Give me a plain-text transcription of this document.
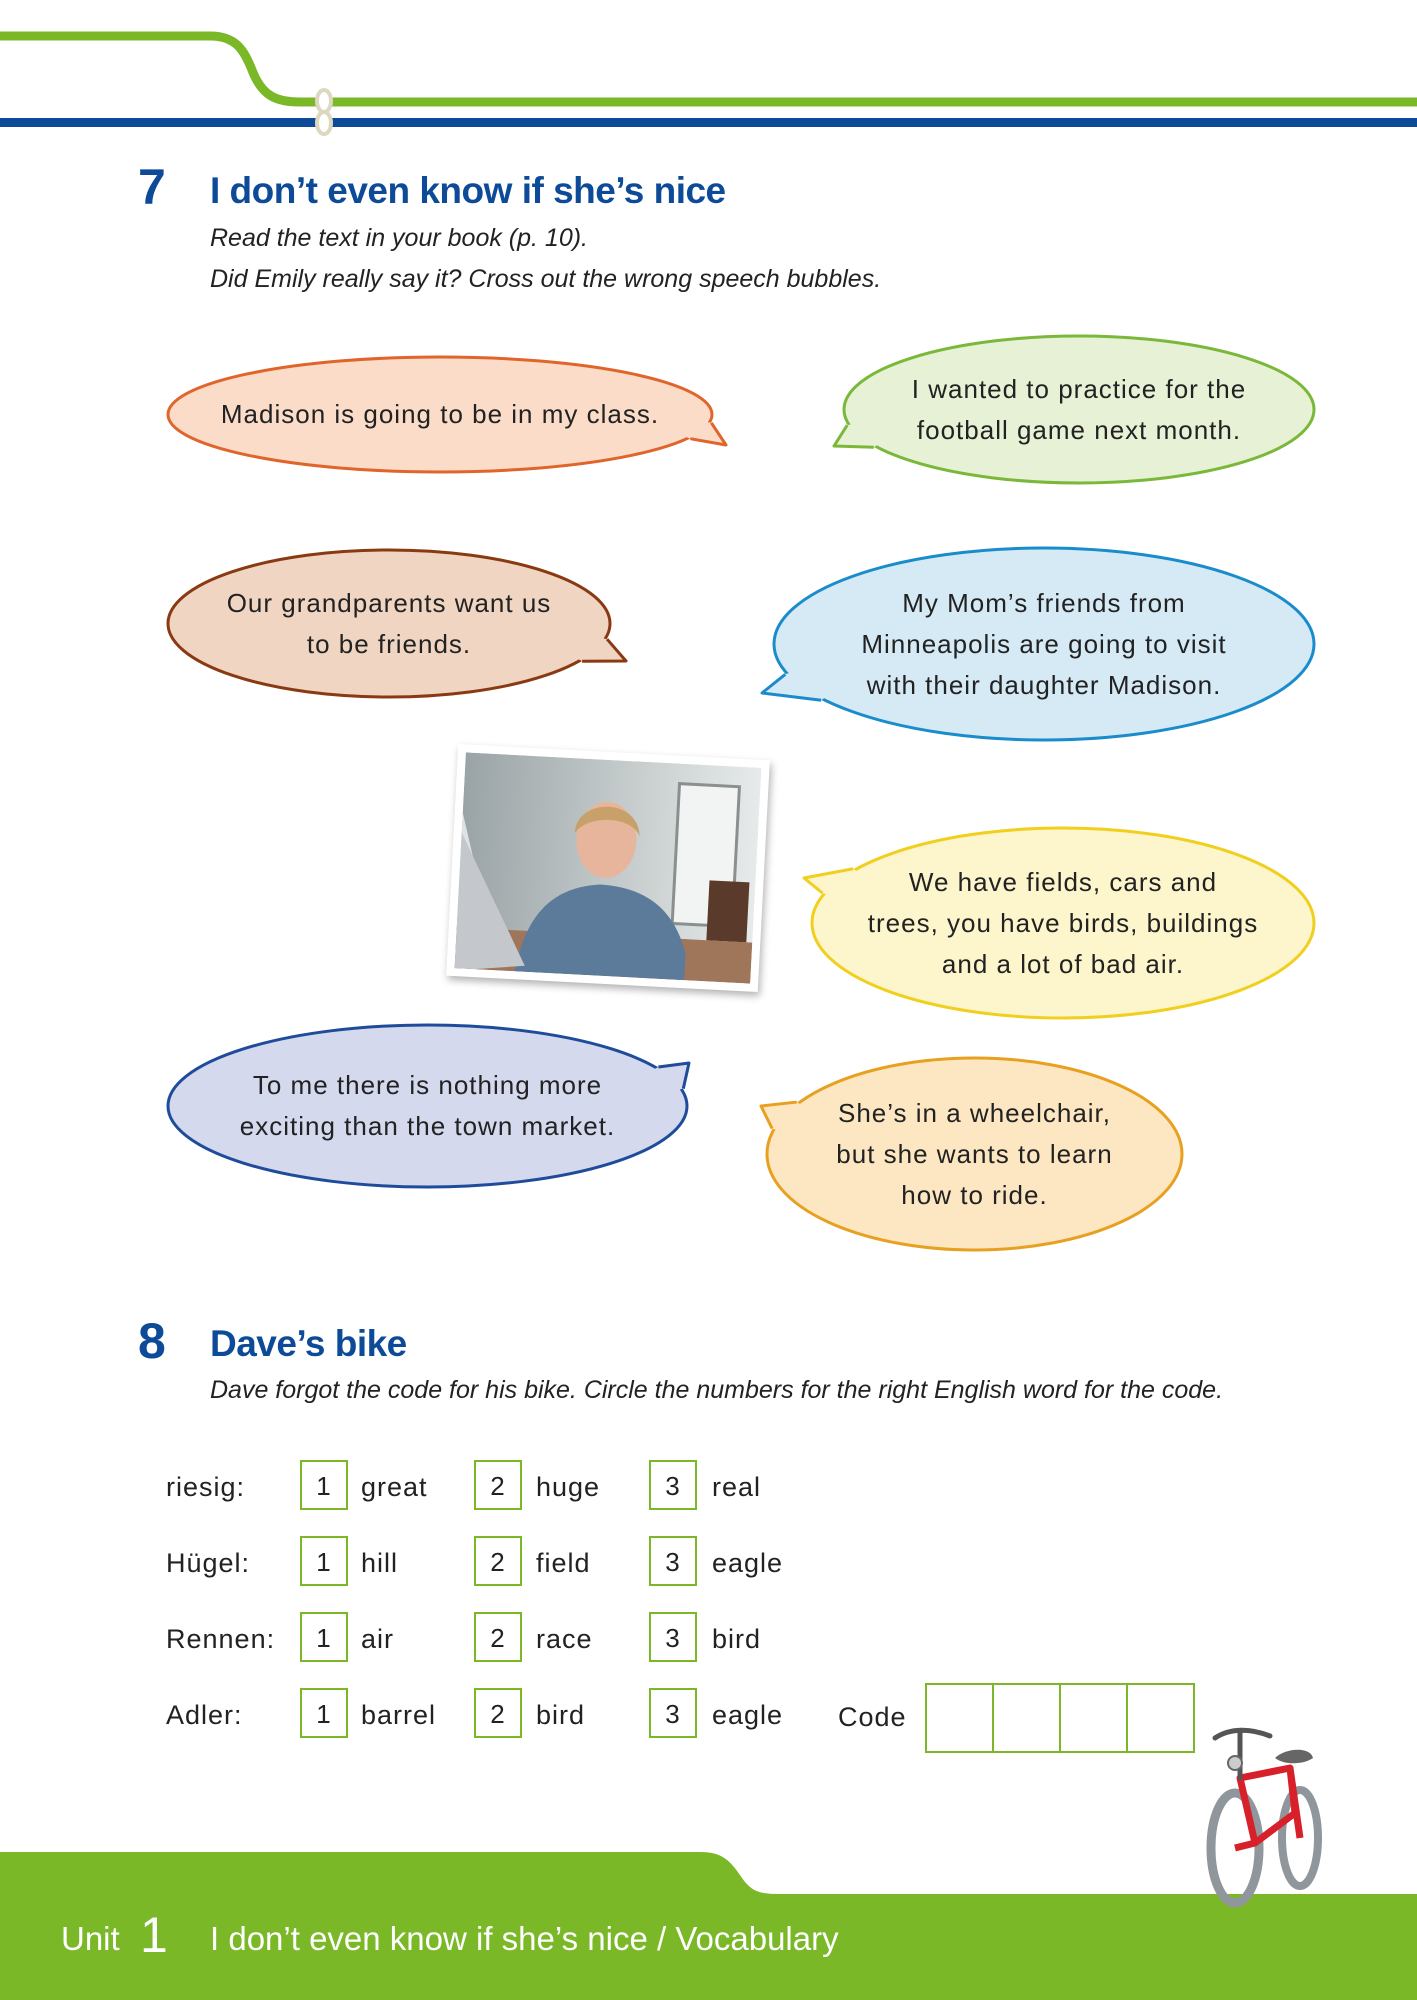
7 I don’t even know if she’s nice
Read the text in your book (p. 10).
Did Emily really say it? Cross out the wrong speech bubbles.
Madison is going to be in my class.
I wanted to practice for the
football game next month.
Our grandparents want us
to be friends.
My Mom’s friends from
Minneapolis are going to visit
with their daughter Madison.
We have fields, cars and
trees, you have birds, buildings
and a lot of bad air.
To me there is nothing more
exciting than the town market.	She’s in a wheelchair,
but she wants to learn
how to ride.
8 Dave’s bike
Dave forgot the code for his bike. Circle the numbers for the right English word for the code.
riesig:	1	great	2	huge	3	real
Hügel:	1	hill	2	field	3	eagle
Rennen:	1	air	2	race	3	bird
Adler:	1	barrel	2	bird	3	eagle Code
Unit 1 I don’t even know if she’s nice / Vocabulary
